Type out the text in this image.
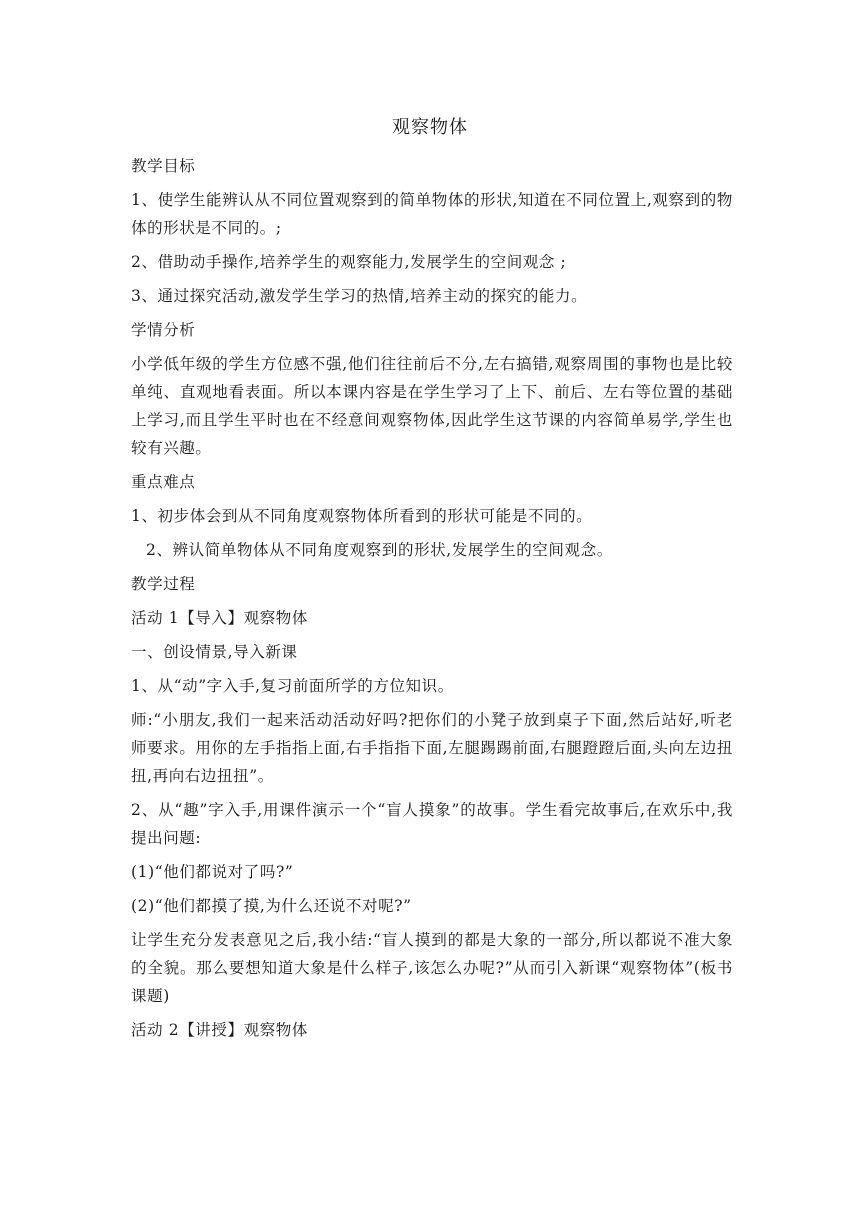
观察物体

教学目标

1、使学生能辨认从不同位置观察到的简单物体的形状,知道在不同位置上,观察到的物体的形状是不同的。;

2、借助动手操作,培养学生的观察能力,发展学生的空间观念 ;

3、通过探究活动,激发学生学习的热情,培养主动的探究的能力。

学情分析

小学低年级的学生方位感不强,他们往往前后不分,左右搞错,观察周围的事物也是比较单纯、直观地看表面。所以本课内容是在学生学习了上下、前后、左右等位置的基础上学习,而且学生平时也在不经意间观察物体,因此学生这节课的内容简单易学,学生也较有兴趣。

重点难点

1、初步体会到从不同角度观察物体所看到的形状可能是不同的。

2、辨认简单物体从不同角度观察到的形状,发展学生的空间观念。

教学过程

活动 1【导入】观察物体

一、创设情景,导入新课

1、从“动”字入手,复习前面所学的方位知识。

师:“小朋友,我们一起来活动活动好吗?把你们的小凳子放到桌子下面,然后站好,听老师要求。用你的左手指指上面,右手指指下面,左腿踢踢前面,右腿蹬蹬后面,头向左边扭扭,再向右边扭扭”。

2、从“趣”字入手,用课件演示一个“盲人摸象”的故事。学生看完故事后,在欢乐中,我提出问题:

(1)“他们都说对了吗?”

(2)“他们都摸了摸,为什么还说不对呢?”

让学生充分发表意见之后,我小结:“盲人摸到的都是大象的一部分,所以都说不准大象的全貌。那么要想知道大象是什么样子,该怎么办呢?”从而引入新课“观察物体”(板书课题)

活动 2【讲授】观察物体
